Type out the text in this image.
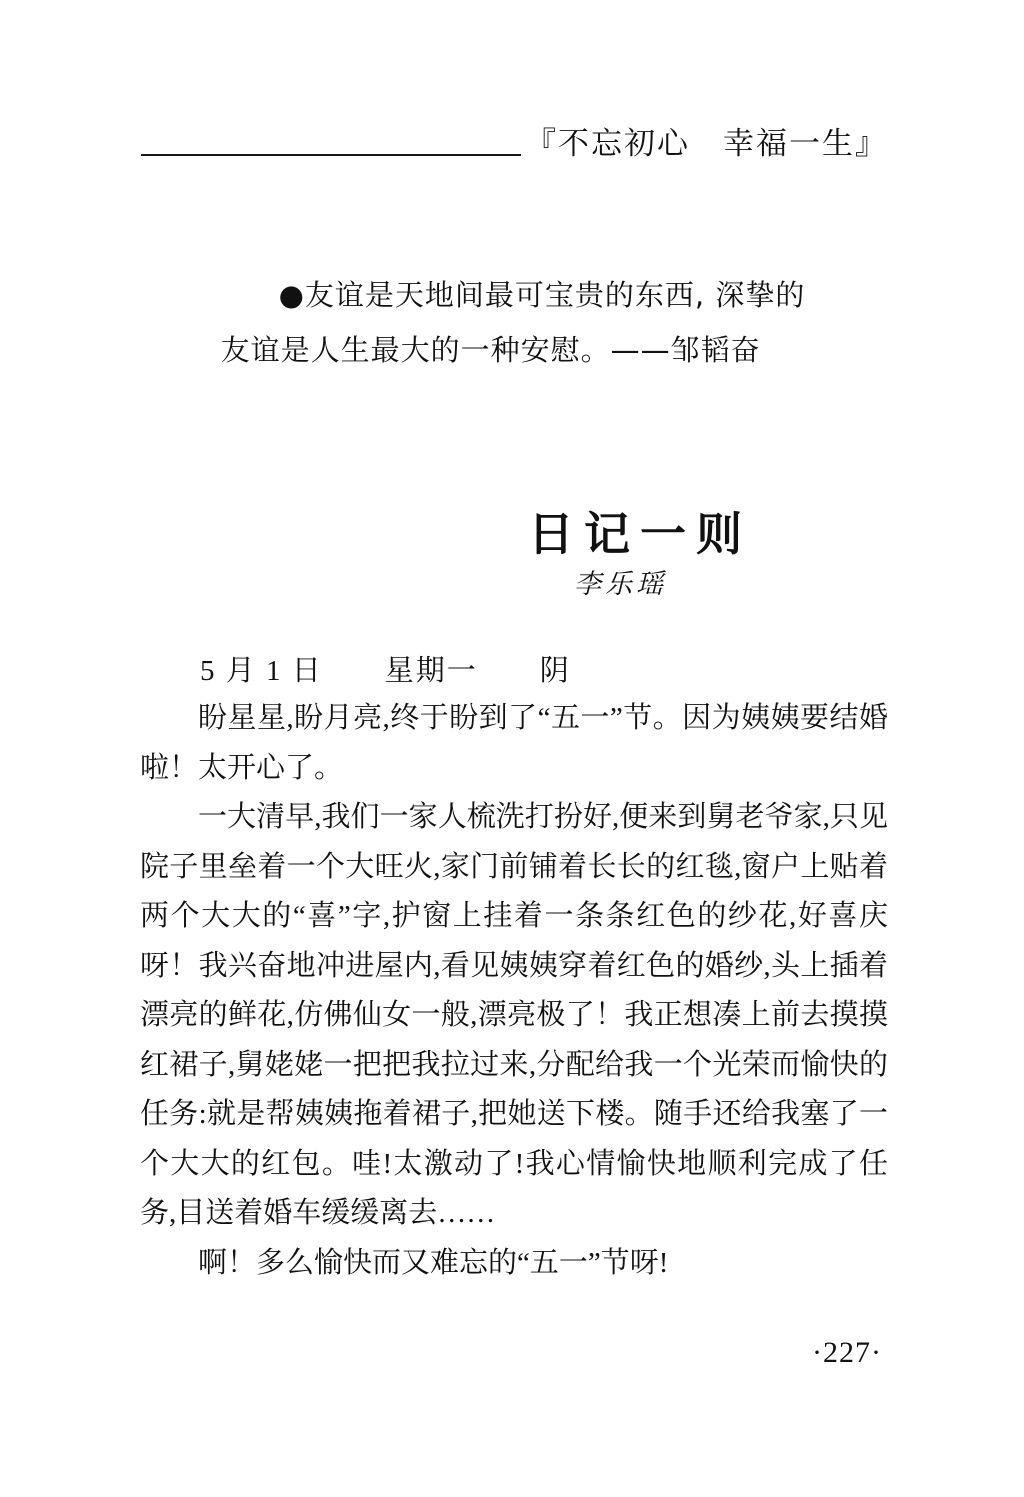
『不忘初心　幸福一生』
●友谊是天地间最可宝贵的东西, 深挚的
友谊是人生最大的一种安慰。——邹韬奋
日记一则
李乐瑶
5 月 1 日　　星期一　　阴

盼星星,盼月亮,终于盼到了“五一”节。因为姨姨要结婚啦！太开心了。

一大清早,我们一家人梳洗打扮好,便来到舅老爷家,只见院子里垒着一个大旺火,家门前铺着长长的红毯,窗户上贴着两个大大的“喜”字,护窗上挂着一条条红色的纱花,好喜庆呀！我兴奋地冲进屋内,看见姨姨穿着红色的婚纱,头上插着漂亮的鲜花,仿佛仙女一般,漂亮极了！我正想凑上前去摸摸红裙子,舅姥姥一把把我拉过来,分配给我一个光荣而愉快的任务:就是帮姨姨拖着裙子,把她送下楼。随手还给我塞了一个大大的红包。哇!太激动了!我心情愉快地顺利完成了任务,目送着婚车缓缓离去……

啊！多么愉快而又难忘的“五一”节呀!

·227·
